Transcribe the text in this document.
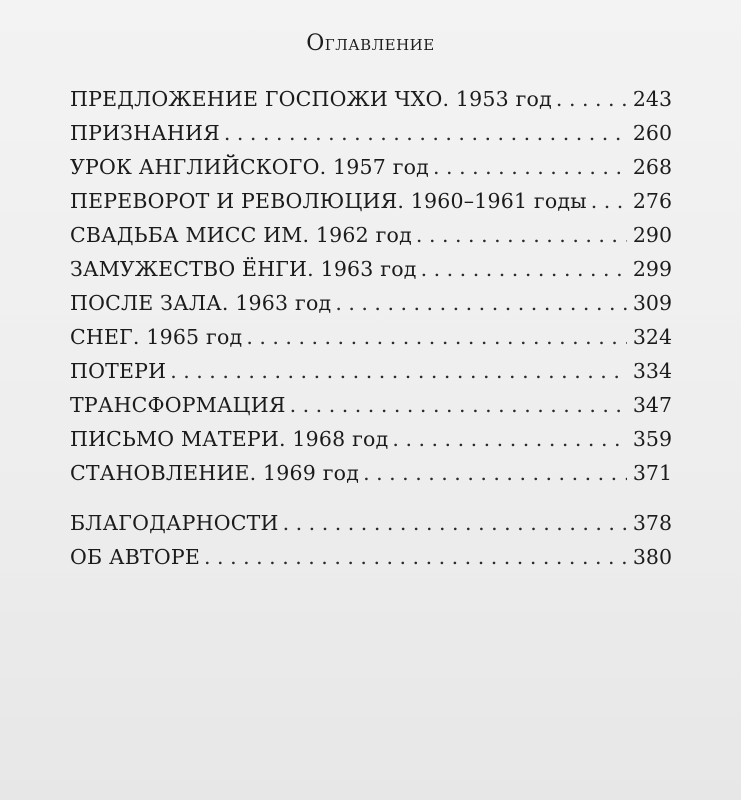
Оглавление
ПРЕДЛОЖЕНИЕ ГОСПОЖИ ЧХО. 1953 год . . .	243
ПРИЗНАНИЯ . . .	260
УРОК АНГЛИЙСКОГО. 1957 год . . .	268
ПЕРЕВОРОТ И РЕВОЛЮЦИЯ. 1960–1961 годы . . . 276
СВАДЬБА МИСС ИМ. 1962 год . . .	290
ЗАМУЖЕСТВО ЁНГИ. 1963 год . . .	299
ПОСЛЕ ЗАЛА. 1963 год . . .	309
СНЕГ. 1965 год . . .	324
ПОТЕРИ . . .	334
ТРАНСФОРМАЦИЯ . . .	347
ПИСЬМО МАТЕРИ. 1968 год . . .	359
СТАНОВЛЕНИЕ. 1969 год . . .	371
БЛАГОДАРНОСТИ . . .	378
ОБ АВТОРЕ . . .	380
